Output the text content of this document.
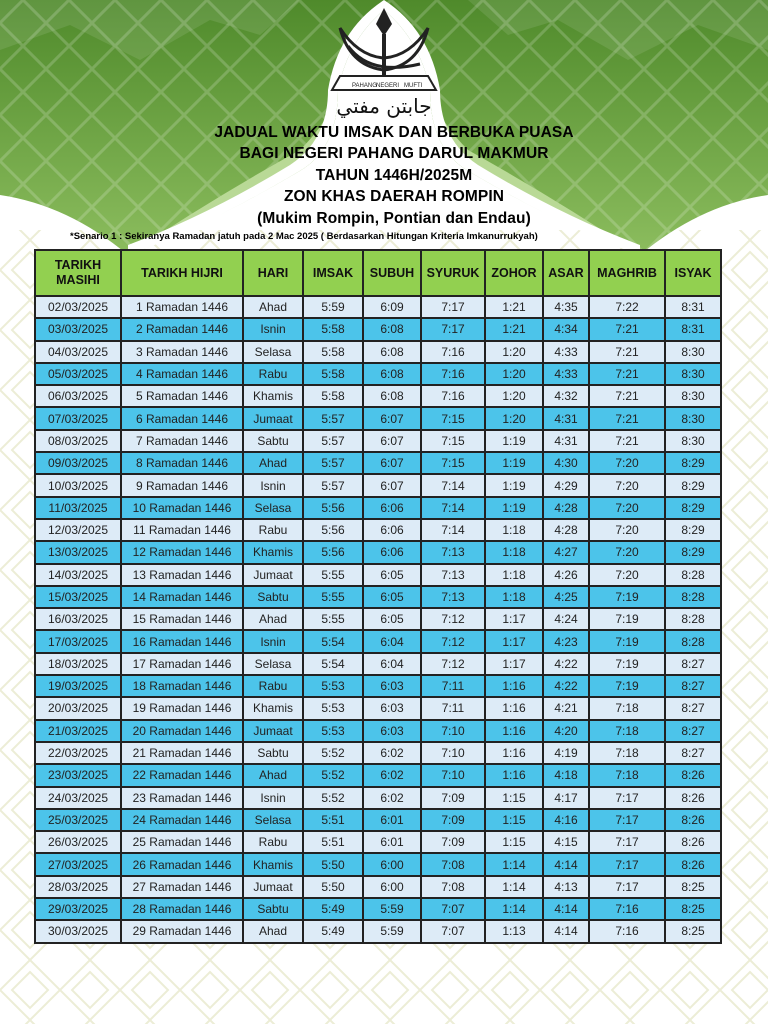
PAHANG NEGERI MUFTI
جابتن مفتي
JADUAL WAKTU IMSAK DAN BERBUKA PUASA
BAGI NEGERI PAHANG DARUL MAKMUR
TAHUN 1446H/2025M
ZON KHAS DAERAH ROMPIN
(Mukim Rompin, Pontian dan Endau)
*Senario 1 : Sekiranya Ramadan jatuh pada 2 Mac 2025 ( Berdasarkan Hitungan Kriteria Imkanurrukyah)
TARIKH MASIHI	TARIKH HIJRI	HARI	IMSAK	SUBUH	SYURUK	ZOHOR	ASAR	MAGHRIB	ISYAK
02/03/2025	1 Ramadan 1446	Ahad	5:59	6:09	7:17	1:21	4:35	7:22	8:31
03/03/2025	2 Ramadan 1446	Isnin	5:58	6:08	7:17	1:21	4:34	7:21	8:31
04/03/2025	3 Ramadan 1446	Selasa	5:58	6:08	7:16	1:20	4:33	7:21	8:30
05/03/2025	4 Ramadan 1446	Rabu	5:58	6:08	7:16	1:20	4:33	7:21	8:30
06/03/2025	5 Ramadan 1446	Khamis	5:58	6:08	7:16	1:20	4:32	7:21	8:30
07/03/2025	6 Ramadan 1446	Jumaat	5:57	6:07	7:15	1:20	4:31	7:21	8:30
08/03/2025	7 Ramadan 1446	Sabtu	5:57	6:07	7:15	1:19	4:31	7:21	8:30
09/03/2025	8 Ramadan 1446	Ahad	5:57	6:07	7:15	1:19	4:30	7:20	8:29
10/03/2025	9 Ramadan 1446	Isnin	5:57	6:07	7:14	1:19	4:29	7:20	8:29
11/03/2025	10 Ramadan 1446	Selasa	5:56	6:06	7:14	1:19	4:28	7:20	8:29
12/03/2025	11 Ramadan 1446	Rabu	5:56	6:06	7:14	1:18	4:28	7:20	8:29
13/03/2025	12 Ramadan 1446	Khamis	5:56	6:06	7:13	1:18	4:27	7:20	8:29
14/03/2025	13 Ramadan 1446	Jumaat	5:55	6:05	7:13	1:18	4:26	7:20	8:28
15/03/2025	14 Ramadan 1446	Sabtu	5:55	6:05	7:13	1:18	4:25	7:19	8:28
16/03/2025	15 Ramadan 1446	Ahad	5:55	6:05	7:12	1:17	4:24	7:19	8:28
17/03/2025	16 Ramadan 1446	Isnin	5:54	6:04	7:12	1:17	4:23	7:19	8:28
18/03/2025	17 Ramadan 1446	Selasa	5:54	6:04	7:12	1:17	4:22	7:19	8:27
19/03/2025	18 Ramadan 1446	Rabu	5:53	6:03	7:11	1:16	4:22	7:19	8:27
20/03/2025	19 Ramadan 1446	Khamis	5:53	6:03	7:11	1:16	4:21	7:18	8:27
21/03/2025	20 Ramadan 1446	Jumaat	5:53	6:03	7:10	1:16	4:20	7:18	8:27
22/03/2025	21 Ramadan 1446	Sabtu	5:52	6:02	7:10	1:16	4:19	7:18	8:27
23/03/2025	22 Ramadan 1446	Ahad	5:52	6:02	7:10	1:16	4:18	7:18	8:26
24/03/2025	23 Ramadan 1446	Isnin	5:52	6:02	7:09	1:15	4:17	7:17	8:26
25/03/2025	24 Ramadan 1446	Selasa	5:51	6:01	7:09	1:15	4:16	7:17	8:26
26/03/2025	25 Ramadan 1446	Rabu	5:51	6:01	7:09	1:15	4:15	7:17	8:26
27/03/2025	26 Ramadan 1446	Khamis	5:50	6:00	7:08	1:14	4:14	7:17	8:26
28/03/2025	27 Ramadan 1446	Jumaat	5:50	6:00	7:08	1:14	4:13	7:17	8:25
29/03/2025	28 Ramadan 1446	Sabtu	5:49	5:59	7:07	1:14	4:14	7:16	8:25
30/03/2025	29 Ramadan 1446	Ahad	5:49	5:59	7:07	1:13	4:14	7:16	8:25
